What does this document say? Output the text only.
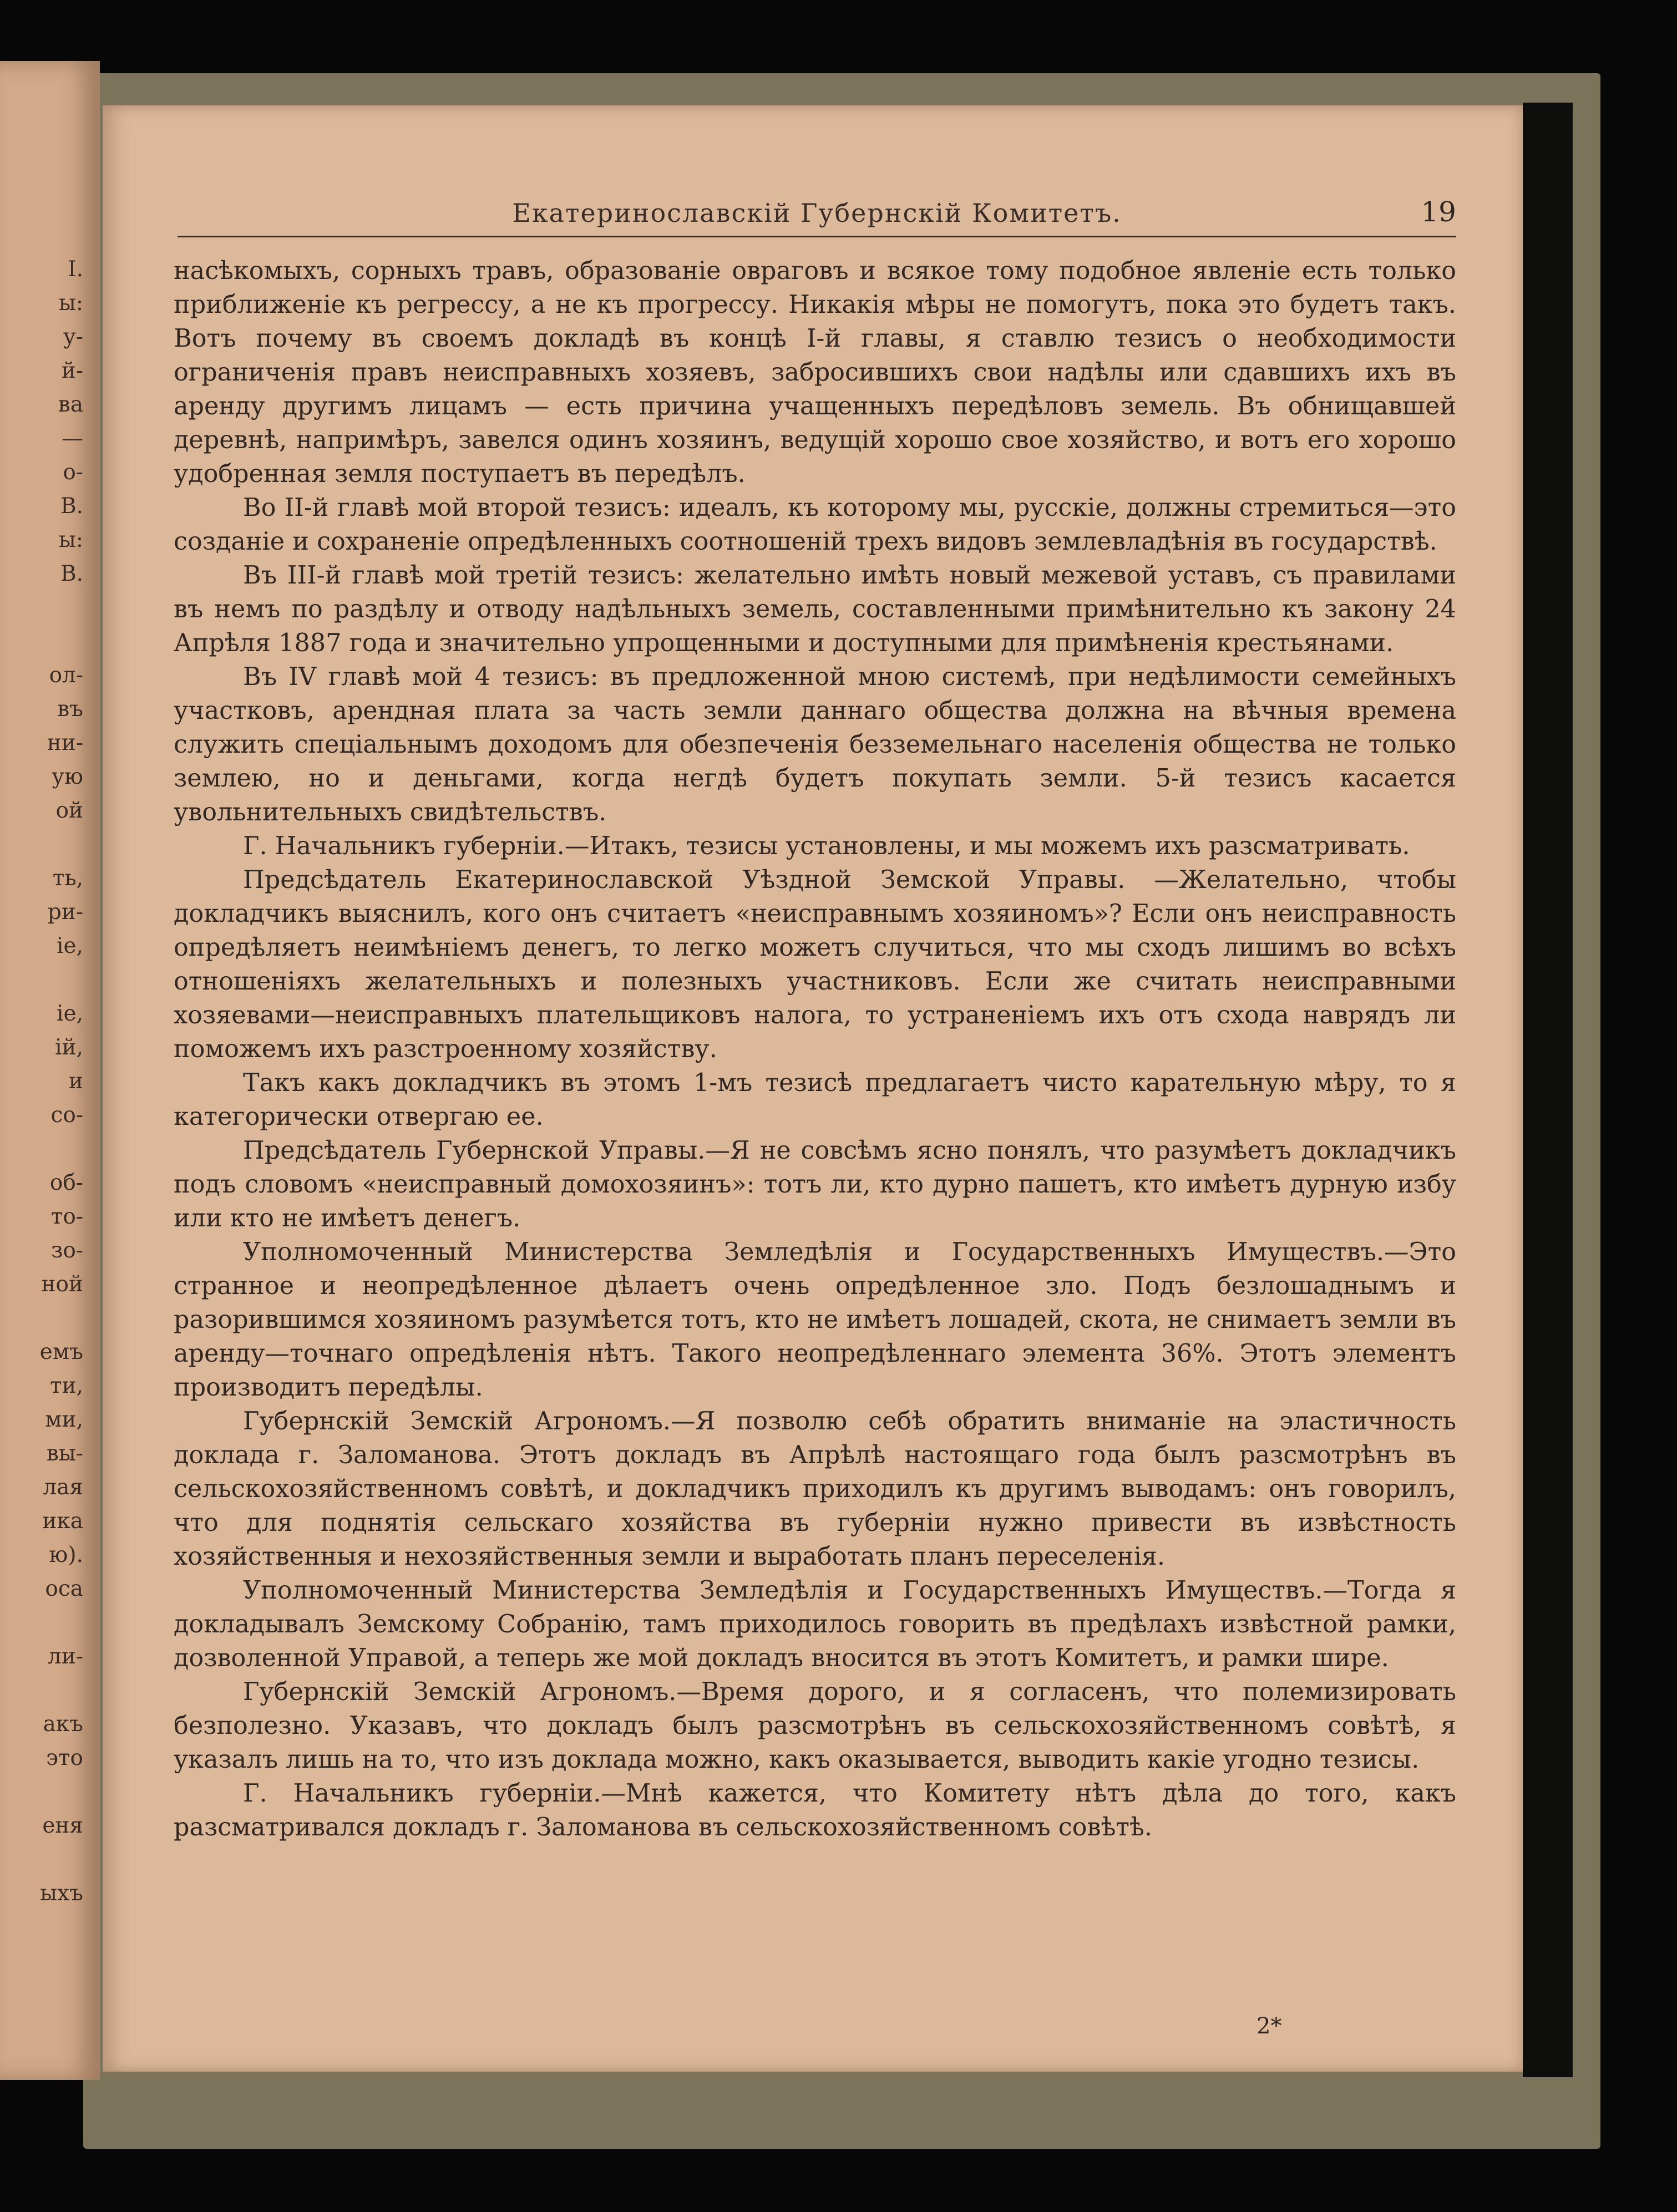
I.
ы:
у-
й-
ва
—
о-
В.
ы:
В.

ол-
въ
ни-
ую
ой

ть,
ри-
іе,

іе,
ій,
и
со-

об-
то-
зо-
ной

емъ
ти,
ми,
вы-
лая
ика
ю).
оса

ли-

акъ
это

еня

ыхъ
Екатеринославскій Губернскій Комитетъ.	19

насѣкомыхъ, сорныхъ травъ, образованіе овраговъ и всякое тому подобное явленіе есть только приближеніе къ регрессу, а не къ прогрессу. Никакія мѣры не помогутъ, пока это будетъ такъ. Вотъ почему въ своемъ докладѣ въ концѣ I-й главы, я ставлю тезисъ о необходимости ограниченія правъ неисправныхъ хозяевъ, забросившихъ свои надѣлы или сдавшихъ ихъ въ аренду другимъ лицамъ — есть причина учащенныхъ передѣловъ земель. Въ обнищавшей деревнѣ, напримѣръ, завелся одинъ хозяинъ, ведущій хорошо свое хозяйство, и вотъ его хорошо удобренная земля поступаетъ въ передѣлъ.

Во II-й главѣ мой второй тезисъ: идеалъ, къ которому мы, русскіе, должны стремиться—это созданіе и сохраненіе опредѣленныхъ соотношеній трехъ видовъ землевладѣнія въ государствѣ.

Въ III-й главѣ мой третій тезисъ: желательно имѣть новый межевой уставъ, съ правилами въ немъ по раздѣлу и отводу надѣльныхъ земель, составленными примѣнительно къ закону 24 Апрѣля 1887 года и значительно упрощенными и доступными для примѣненія крестьянами.

Въ IV главѣ мой 4 тезисъ: въ предложенной мною системѣ, при недѣлимости семейныхъ участковъ, арендная плата за часть земли даннаго общества должна на вѣчныя времена служить спеціальнымъ доходомъ для обезпеченія безземельнаго населенія общества не только землею, но и деньгами, когда негдѣ будетъ покупать земли. 5-й тезисъ касается увольнительныхъ свидѣтельствъ.

Г. Начальникъ губерніи.—Итакъ, тезисы установлены, и мы можемъ ихъ разсматривать.

Предсѣдатель Екатеринославской Уѣздной Земской Управы. —Желательно, чтобы докладчикъ выяснилъ, кого онъ считаетъ «неисправнымъ хозяиномъ»? Если онъ неисправность опредѣляетъ неимѣніемъ денегъ, то легко можетъ случиться, что мы сходъ лишимъ во всѣхъ отношеніяхъ желательныхъ и полезныхъ участниковъ. Если же считать неисправными хозяевами—неисправныхъ плательщиковъ налога, то устраненіемъ ихъ отъ схода наврядъ ли поможемъ ихъ разстроенному хозяйству.

Такъ какъ докладчикъ въ этомъ 1-мъ тезисѣ предлагаетъ чисто карательную мѣру, то я категорически отвергаю ее.

Предсѣдатель Губернской Управы.—Я не совсѣмъ ясно понялъ, что разумѣетъ докладчикъ подъ словомъ «неисправный домохозяинъ»: тотъ ли, кто дурно пашетъ, кто имѣетъ дурную избу или кто не имѣетъ денегъ.

Уполномоченный Министерства Земледѣлія и Государственныхъ Имуществъ.—Это странное и неопредѣленное дѣлаетъ очень опредѣленное зло. Подъ безлошаднымъ и разорившимся хозяиномъ разумѣется тотъ, кто не имѣетъ лошадей, скота, не снимаетъ земли въ аренду—точнаго опредѣленія нѣтъ. Такого неопредѣленнаго элемента 36%. Этотъ элементъ производитъ передѣлы.

Губернскій Земскій Агрономъ.—Я позволю себѣ обратить вниманіе на эластичность доклада г. Заломанова. Этотъ докладъ въ Апрѣлѣ настоящаго года былъ разсмотрѣнъ въ сельскохозяйственномъ совѣтѣ, и докладчикъ приходилъ къ другимъ выводамъ: онъ говорилъ, что для поднятія сельскаго хозяйства въ губерніи нужно привести въ извѣстность хозяйственныя и нехозяйственныя земли и выработать планъ переселенія.

Уполномоченный Министерства Земледѣлія и Государственныхъ Имуществъ.—Тогда я докладывалъ Земскому Собранію, тамъ приходилось говорить въ предѣлахъ извѣстной рамки, дозволенной Управой, а теперь же мой докладъ вносится въ этотъ Комитетъ, и рамки шире.

Губернскій Земскій Агрономъ.—Время дорого, и я согласенъ, что полемизировать безполезно. Указавъ, что докладъ былъ разсмотрѣнъ въ сельскохозяйственномъ совѣтѣ, я указалъ лишь на то, что изъ доклада можно, какъ оказывается, выводить какіе угодно тезисы.

Г. Начальникъ губерніи.—Мнѣ кажется, что Комитету нѣтъ дѣла до того, какъ разсматривался докладъ г. Заломанова въ сельскохозяйственномъ совѣтѣ.

2*
